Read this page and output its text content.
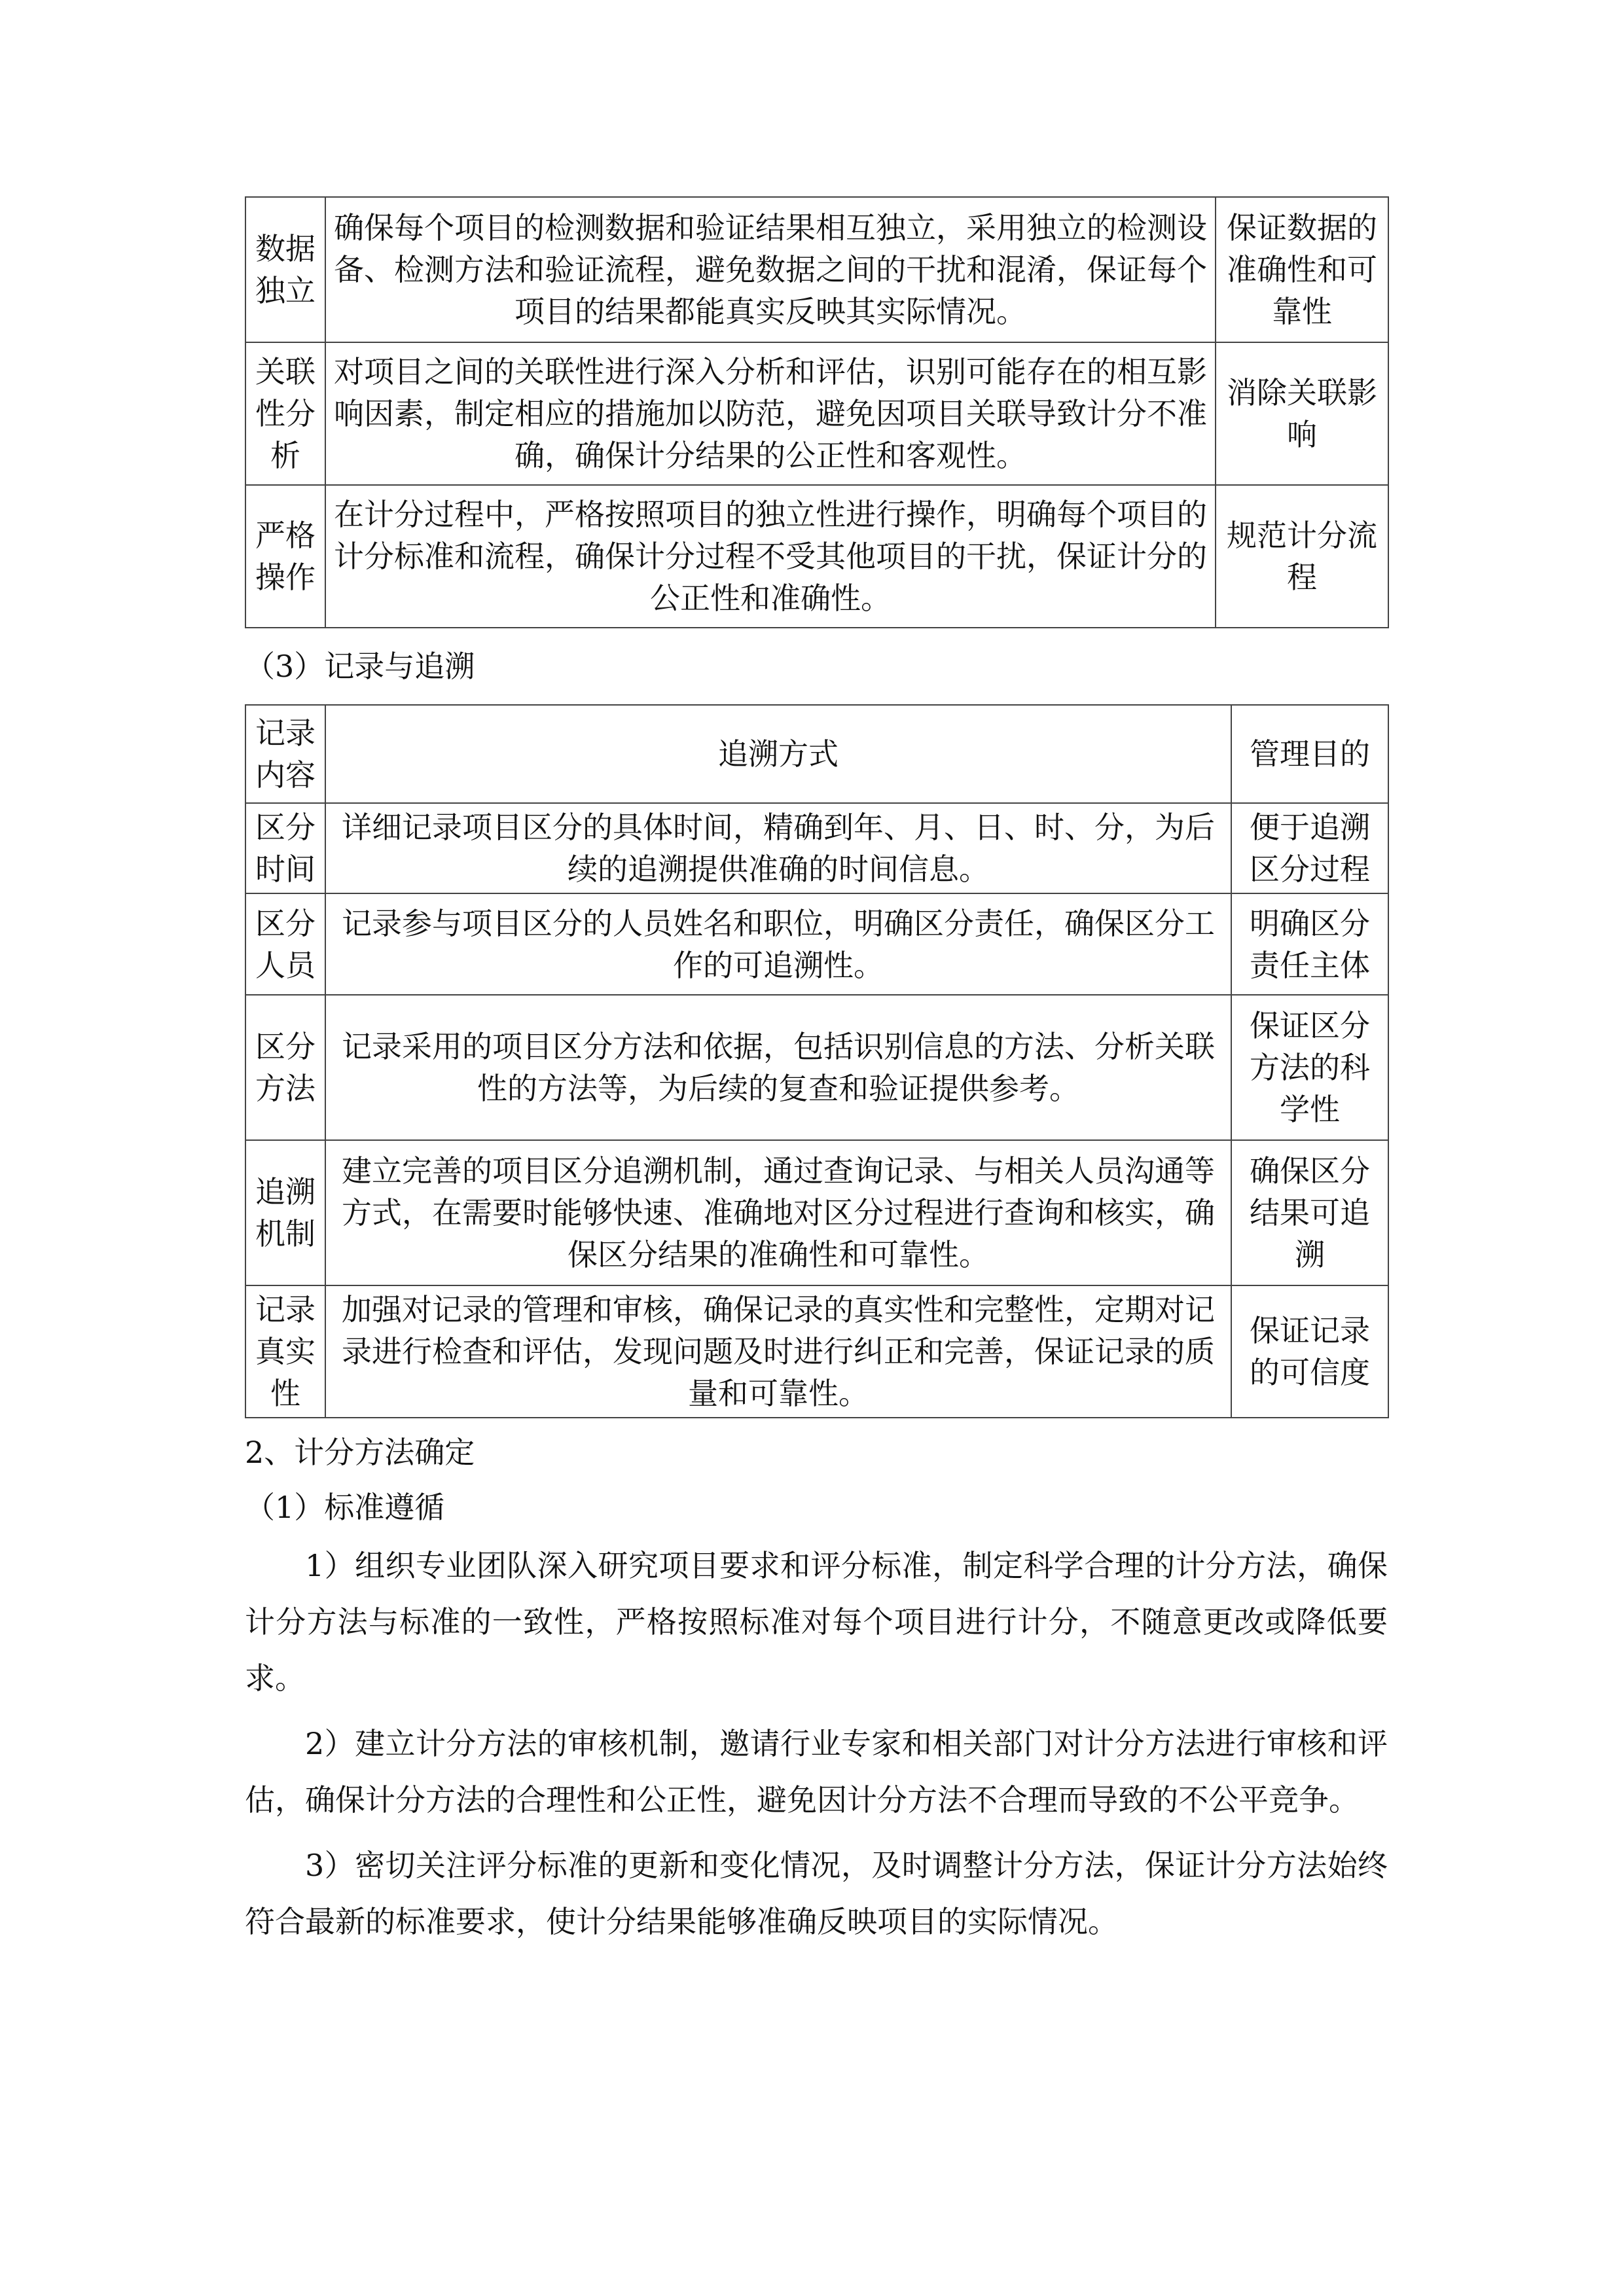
数据独立	确保每个项目的检测数据和验证结果相互独立，采用独立的检测设备、检测方法和验证流程，避免数据之间的干扰和混淆，保证每个项目的结果都能真实反映其实际情况。	保证数据的准确性和可靠性
关联性分析	对项目之间的关联性进行深入分析和评估，识别可能存在的相互影响因素，制定相应的措施加以防范，避免因项目关联导致计分不准确，确保计分结果的公正性和客观性。	消除关联影响
严格操作	在计分过程中，严格按照项目的独立性进行操作，明确每个项目的计分标准和流程，确保计分过程不受其他项目的干扰，保证计分的公正性和准确性。	规范计分流程
（3）记录与追溯
记录内容	追溯方式	管理目的
区分时间	详细记录项目区分的具体时间，精确到年、月、日、时、分，为后续的追溯提供准确的时间信息。	便于追溯区分过程
区分人员	记录参与项目区分的人员姓名和职位，明确区分责任，确保区分工作的可追溯性。	明确区分责任主体
区分方法	记录采用的项目区分方法和依据，包括识别信息的方法、分析关联性的方法等，为后续的复查和验证提供参考。	保证区分方法的科学性
追溯机制	建立完善的项目区分追溯机制，通过查询记录、与相关人员沟通等方式，在需要时能够快速、准确地对区分过程进行查询和核实，确保区分结果的准确性和可靠性。	确保区分结果可追溯
记录真实性	加强对记录的管理和审核，确保记录的真实性和完整性，定期对记录进行检查和评估，发现问题及时进行纠正和完善，保证记录的质量和可靠性。	保证记录的可信度
2、计分方法确定
（1）标准遵循

1）组织专业团队深入研究项目要求和评分标准，制定科学合理的计分方法，确保计分方法与标准的一致性，严格按照标准对每个项目进行计分，不随意更改或降低要求。

2）建立计分方法的审核机制，邀请行业专家和相关部门对计分方法进行审核和评估，确保计分方法的合理性和公正性，避免因计分方法不合理而导致的不公平竞争。

3）密切关注评分标准的更新和变化情况，及时调整计分方法，保证计分方法始终符合最新的标准要求，使计分结果能够准确反映项目的实际情况。
